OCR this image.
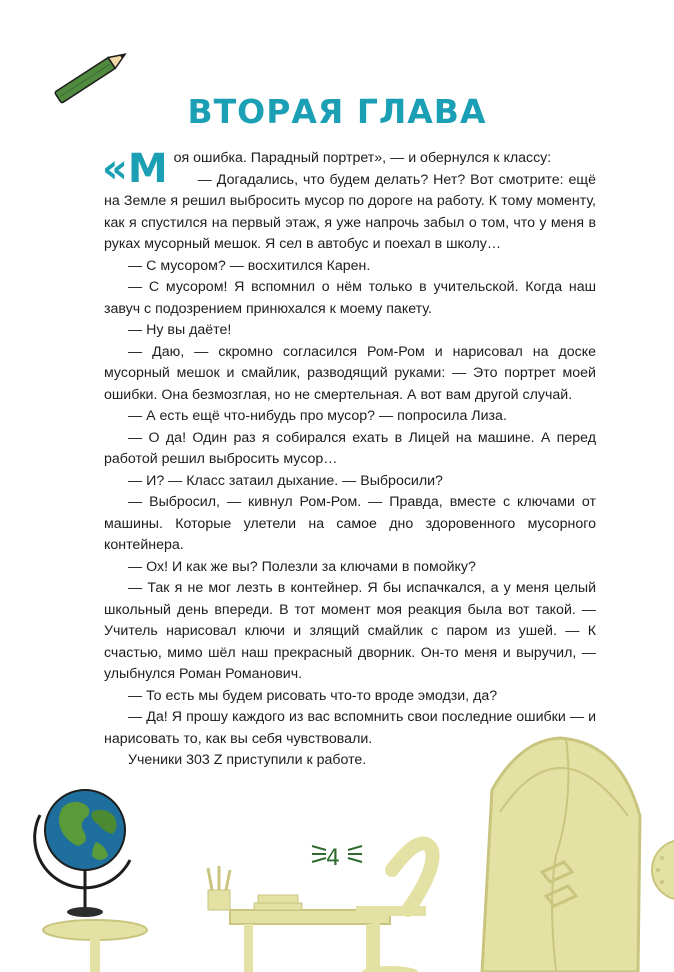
ВТОРАЯ ГЛАВА

«Моя ошибка. Парадный портрет», — и обернулся к классу:

— Догадались, что будем делать? Нет? Вот смотрите: ещё на Земле я решил выбросить мусор по дороге на работу. К тому моменту, как я спустился на первый этаж, я уже напрочь забыл о том, что у меня в руках мусорный мешок. Я сел в автобус и поехал в школу…

— С мусором? — восхитился Карен.

— С мусором! Я вспомнил о нём только в учительской. Когда наш завуч с подозрением принюхался к моему пакету.

— Ну вы даёте!

— Даю, — скромно согласился Ром-Ром и нарисовал на доске мусорный мешок и смайлик, разводящий руками: — Это портрет моей ошибки. Она безмозглая, но не смертельная. А вот вам другой случай.

— А есть ещё что-нибудь про мусор? — попросила Лиза.

— О да! Один раз я собирался ехать в Лицей на машине. А перед работой решил выбросить мусор…

— И? — Класс затаил дыхание. — Выбросили?

— Выбросил, — кивнул Ром-Ром. — Правда, вместе с ключами от машины. Которые улетели на самое дно здоровенного мусорного контейнера.

— Ох! И как же вы? Полезли за ключами в помойку?

— Так я не мог лезть в контейнер. Я бы испачкался, а у меня целый школьный день впереди. В тот момент моя реакция была вот такой. — Учитель нарисовал ключи и злящий смайлик с паром из ушей. — К счастью, мимо шёл наш прекрасный дворник. Он-то меня и выручил, — улыбнулся Роман Романович.

— То есть мы будем рисовать что-то вроде эмодзи, да?

— Да! Я прошу каждого из вас вспомнить свои последние ошибки — и нарисовать то, как вы себя чувствовали.

Ученики 303 Z приступили к работе.

4
